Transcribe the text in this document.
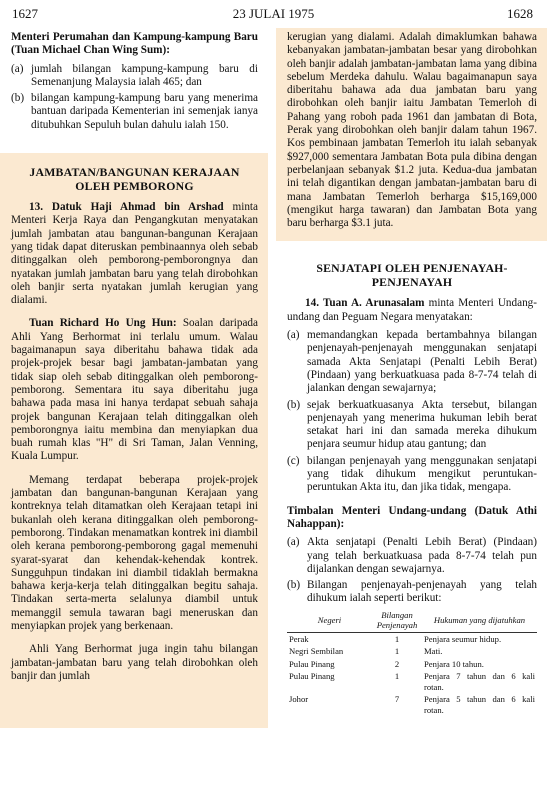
1627	23 JULAI 1975	1628

Menteri Perumahan dan Kampung-kampung Baru (Tuan Michael Chan Wing Sum):

(a) jumlah bilangan kampung-kampung baru di Semenanjung Malaysia ialah 465; dan
(b) bilangan kampung-kampung baru yang menerima bantuan daripada Kementerian ini semenjak ianya ditubuhkan Sepuluh bulan dahulu ialah 150.
JAMBATAN/BANGUNAN KERAJAAN OLEH PEMBORONG

13. Datuk Haji Ahmad bin Arshad minta Menteri Kerja Raya dan Pengangkutan menyatakan jumlah jambatan atau bangunan-bangunan Kerajaan yang tidak dapat diteruskan pembinaannya oleh sebab ditinggalkan oleh pemborong-pemborongnya dan nyatakan jumlah jambatan baru yang telah dirobohkan oleh banjir serta nyatakan jumlah kerugian yang dialami.

Tuan Richard Ho Ung Hun: Soalan daripada Ahli Yang Berhormat ini terlalu umum. Walau bagaimanapun saya diberitahu bahawa tidak ada projek-projek besar bagi jambatan-jambatan yang tidak siap oleh sebab ditinggalkan oleh pemborong-pemborong. Sementara itu saya diberitahu juga bahawa pada masa ini hanya terdapat sebuah sahaja projek bangunan Kerajaan telah ditinggalkan oleh pemborongnya iaitu membina dan menyiapkan dua buah rumah klas "H" di Sri Taman, Jalan Venning, Kuala Lumpur.

Memang terdapat beberapa projek-projek jambatan dan bangunan-bangunan Kerajaan yang kontreknya telah ditamatkan oleh Kerajaan tetapi ini bukanlah oleh kerana ditinggalkan oleh pemborong-pemborong. Tindakan menamatkan kontrek ini diambil oleh kerana pemborong-pemborong gagal memenuhi syarat-syarat dan kehendak-kehendak kontrek. Sungguhpun tindakan ini diambil tidaklah bermakna bahawa kerja-kerja telah ditinggalkan begitu sahaja. Tindakan serta-merta selalunya diambil untuk memanggil semula tawaran bagi meneruskan dan menyiapkan projek yang berkenaan.

Ahli Yang Berhormat juga ingin tahu bilangan jambatan-jambatan baru yang telah dirobohkan oleh banjir dan jumlah

kerugian yang dialami. Adalah dimaklumkan bahawa kebanyakan jambatan-jambatan besar yang dirobohkan oleh banjir adalah jambatan-jambatan lama yang dibina sebelum Merdeka dahulu. Walau bagaimanapun saya diberitahu bahawa ada dua jambatan baru yang dirobohkan oleh banjir iaitu Jambatan Temerloh di Pahang yang roboh pada 1961 dan jambatan di Bota, Perak yang dirobohkan oleh banjir dalam tahun 1967. Kos pembinaan jambatan Temerloh itu ialah sebanyak $927,000 sementara Jambatan Bota pula dibina dengan perbelanjaan sebanyak $1.2 juta. Kedua-dua jambatan ini telah digantikan dengan jambatan-jambatan baru di mana Jambatan Temerloh berharga $15,169,000 (mengikut harga tawaran) dan Jambatan Bota yang baru berharga $3.1 juta.

SENJATAPI OLEH PENJENAYAH-PENJENAYAH

14. Tuan A. Arunasalam minta Menteri Undang-undang dan Peguam Negara menyatakan:

(a) memandangkan kepada bertambahnya bilangan penjenayah-penjenayah menggunakan senjatapi samada Akta Senjatapi (Penalti Lebih Berat) (Pindaan) yang berkuatkuasa pada 8-7-74 telah di jalankan dengan sewajarnya;
(b) sejak berkuatkuasanya Akta tersebut, bilangan penjenayah yang menerima hukuman lebih berat setakat hari ini dan samada mereka dihukum penjara seumur hidup atau gantung; dan
(c) bilangan penjenayah yang menggunakan senjatapi yang tidak dihukum mengikut peruntukan-peruntukan Akta itu, dan jika tidak, mengapa.

Timbalan Menteri Undang-undang (Datuk Athi Nahappan):

(a) Akta senjatapi (Penalti Lebih Berat) (Pindaan) yang telah berkuatkuasa pada 8-7-74 telah pun dijalankan dengan sewajarnya.
(b) Bilangan penjenayah-penjenayah yang telah dihukum ialah seperti berikut:
Negeri	Bilangan Penjenayah	Hukuman yang dijatuhkan
Perak	1	Penjara seumur hidup.
Negri Sembilan	1	Mati.
Pulau Pinang	2	Penjara 10 tahun.
Pulau Pinang	1	Penjara 7 tahun dan 6 kali rotan.
Johor	7	Penjara 5 tahun dan 6 kali rotan.
